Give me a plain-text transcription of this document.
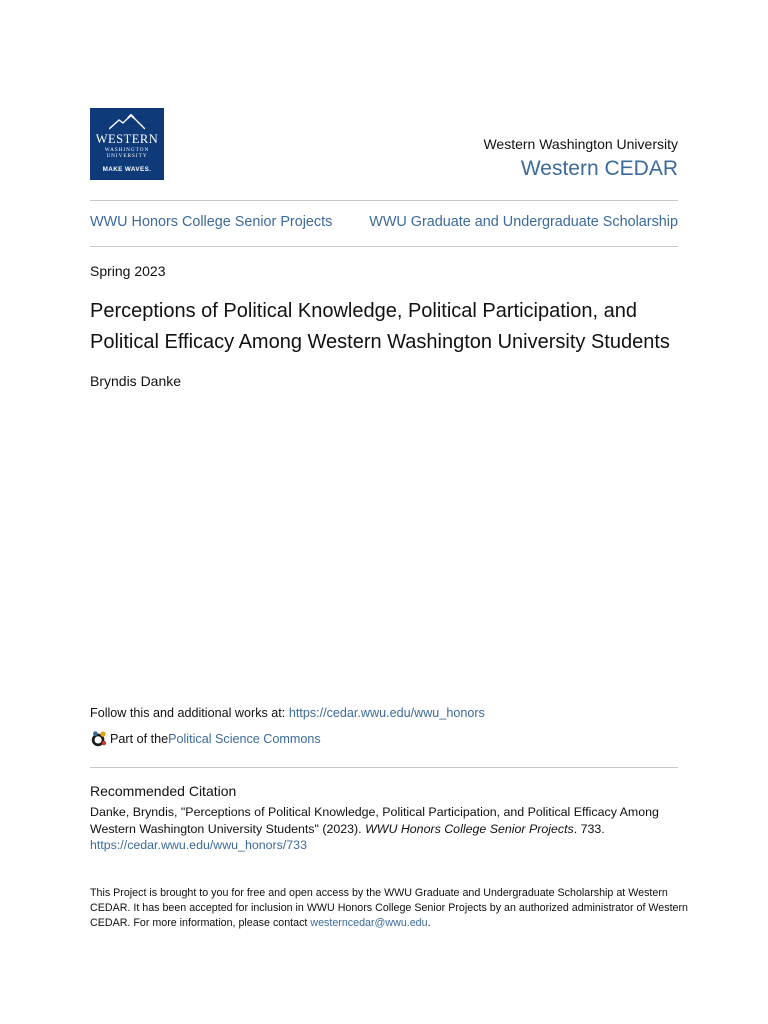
WESTERN
WASHINGTON
UNIVERSITY
MAKE WAVES.
Western Washington University
Western CEDAR
WWU Honors College Senior Projects	WWU Graduate and Undergraduate Scholarship
Spring 2023
Perceptions of Political Knowledge, Political Participation, and Political Efficacy Among Western Washington University Students
Bryndis Danke
Follow this and additional works at: https://cedar.wwu.edu/wwu_honors
Part of the Political Science Commons
Recommended Citation
Danke, Bryndis, "Perceptions of Political Knowledge, Political Participation, and Political Efficacy Among Western Washington University Students" (2023). WWU Honors College Senior Projects. 733.
https://cedar.wwu.edu/wwu_honors/733
This Project is brought to you for free and open access by the WWU Graduate and Undergraduate Scholarship at Western CEDAR. It has been accepted for inclusion in WWU Honors College Senior Projects by an authorized administrator of Western CEDAR. For more information, please contact westerncedar@wwu.edu.
